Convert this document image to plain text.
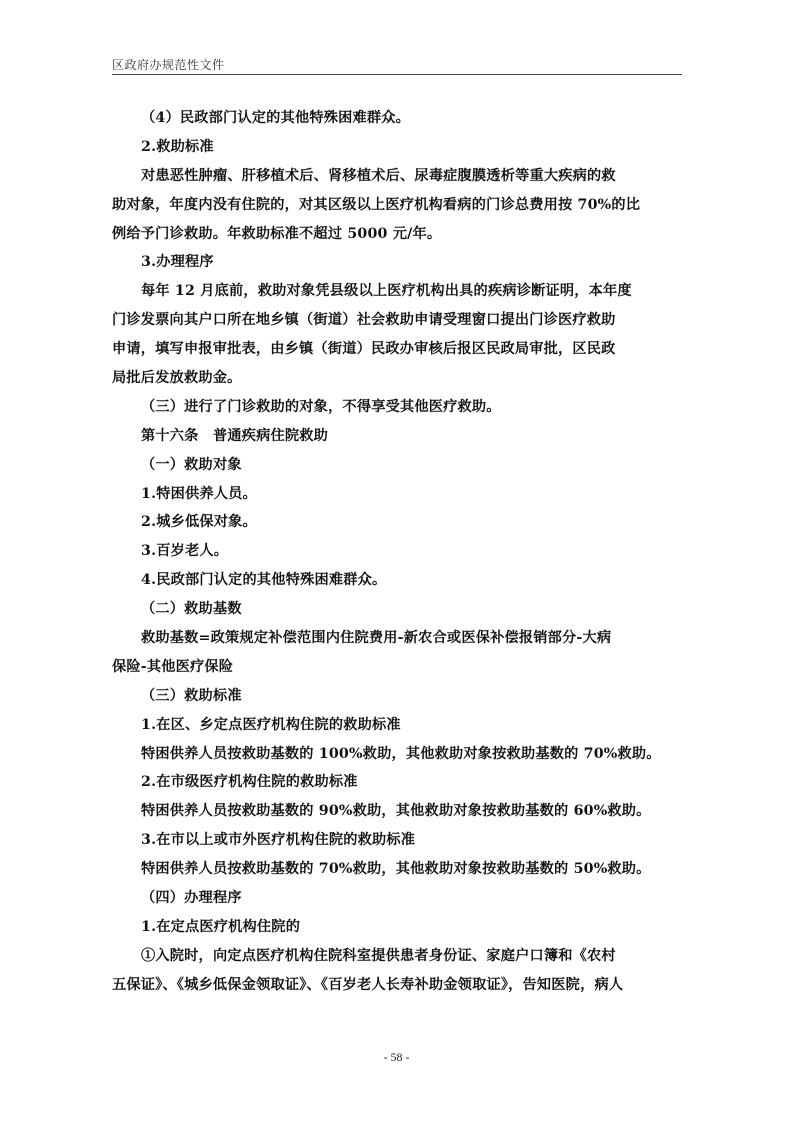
区政府办规范性文件
（4）民政部门认定的其他特殊困难群众。
2.救助标准
对患恶性肿瘤、肝移植术后、肾移植术后、尿毒症腹膜透析等重大疾病的救
助对象，年度内没有住院的，对其区级以上医疗机构看病的门诊总费用按 70%的比
例给予门诊救助。年救助标准不超过 5000 元/年。
3.办理程序
每年 12 月底前，救助对象凭县级以上医疗机构出具的疾病诊断证明，本年度
门诊发票向其户口所在地乡镇（街道）社会救助申请受理窗口提出门诊医疗救助
申请，填写申报审批表，由乡镇（街道）民政办审核后报区民政局审批，区民政
局批后发放救助金。
（三）进行了门诊救助的对象，不得享受其他医疗救助。
第十六条　普通疾病住院救助
（一）救助对象
1.特困供养人员。
2.城乡低保对象。
3.百岁老人。
4.民政部门认定的其他特殊困难群众。
（二）救助基数
救助基数=政策规定补偿范围内住院费用-新农合或医保补偿报销部分-大病
保险-其他医疗保险
（三）救助标准
1.在区、乡定点医疗机构住院的救助标准
特困供养人员按救助基数的 100%救助，其他救助对象按救助基数的 70%救助。
2.在市级医疗机构住院的救助标准
特困供养人员按救助基数的 90%救助，其他救助对象按救助基数的 60%救助。
3.在市以上或市外医疗机构住院的救助标准
特困供养人员按救助基数的 70%救助，其他救助对象按救助基数的 50%救助。
（四）办理程序
1.在定点医疗机构住院的
①入院时，向定点医疗机构住院科室提供患者身份证、家庭户口簿和《农村
五保证》、《城乡低保金领取证》、《百岁老人长寿补助金领取证》，告知医院，病人
- 58 -
